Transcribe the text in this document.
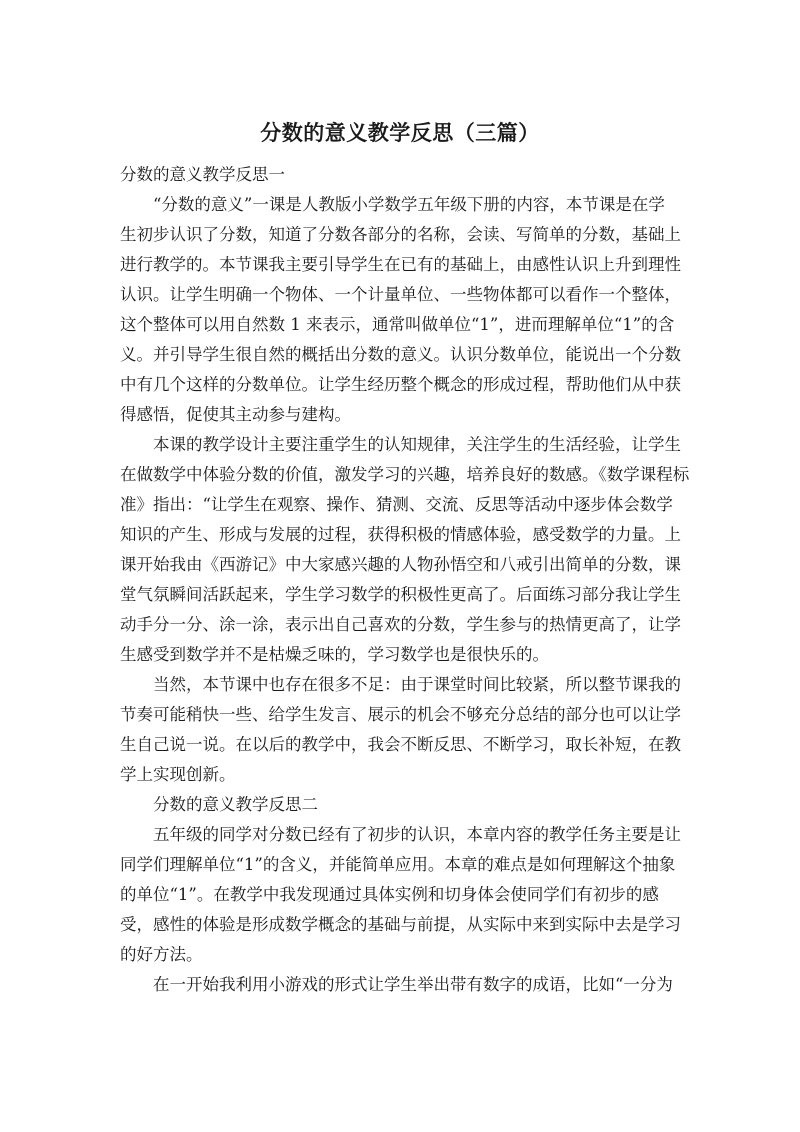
分数的意义教学反思（三篇）
分数的意义教学反思一

“分数的意义”一课是人教版小学数学五年级下册的内容，本节课是在学
生初步认识了分数，知道了分数各部分的名称，会读、写简单的分数，基础上
进行教学的。本节课我主要引导学生在已有的基础上，由感性认识上升到理性
认识。让学生明确一个物体、一个计量单位、一些物体都可以看作一个整体，
这个整体可以用自然数 1 来表示，通常叫做单位“1”，进而理解单位“1”的含
义。并引导学生很自然的概括出分数的意义。认识分数单位，能说出一个分数
中有几个这样的分数单位。让学生经历整个概念的形成过程，帮助他们从中获
得感悟，促使其主动参与建构。

本课的教学设计主要注重学生的认知规律，关注学生的生活经验，让学生
在做数学中体验分数的价值，激发学习的兴趣，培养良好的数感。《数学课程标
准》指出：“让学生在观察、操作、猜测、交流、反思等活动中逐步体会数学
知识的产生、形成与发展的过程，获得积极的情感体验，感受数学的力量。上
课开始我由《西游记》中大家感兴趣的人物孙悟空和八戒引出简单的分数，课
堂气氛瞬间活跃起来，学生学习数学的积极性更高了。后面练习部分我让学生
动手分一分、涂一涂，表示出自己喜欢的分数，学生参与的热情更高了，让学
生感受到数学并不是枯燥乏味的，学习数学也是很快乐的。

当然，本节课中也存在很多不足：由于课堂时间比较紧，所以整节课我的
节奏可能稍快一些、给学生发言、展示的机会不够充分总结的部分也可以让学
生自己说一说。在以后的教学中，我会不断反思、不断学习，取长补短，在教
学上实现创新。

分数的意义教学反思二

五年级的同学对分数已经有了初步的认识，本章内容的教学任务主要是让
同学们理解单位“1”的含义，并能简单应用。本章的难点是如何理解这个抽象
的单位“1”。在教学中我发现通过具体实例和切身体会使同学们有初步的感
受，感性的体验是形成数学概念的基础与前提，从实际中来到实际中去是学习
的好方法。

在一开始我利用小游戏的形式让学生举出带有数字的成语，比如“一分为
